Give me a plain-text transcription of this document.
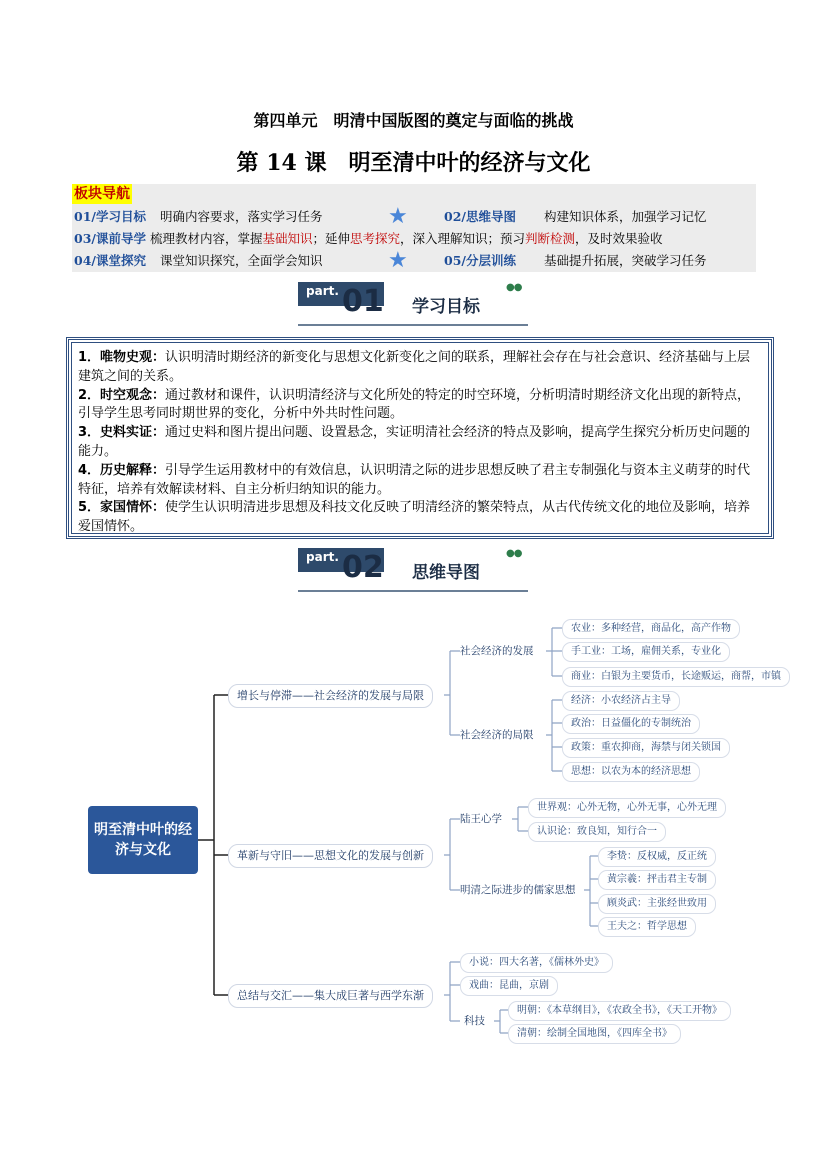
第四单元　明清中国版图的奠定与面临的挑战
第 14 课　明至清中叶的经济与文化
板块导航
01/学习目标 明确内容要求，落实学习任务	★	02/思维导图 构建知识体系，加强学习记忆
03/课前导学 梳理教材内容，掌握基础知识；延伸思考探究，深入理解知识；预习判断检测，及时效果验收
04/课堂探究 课堂知识探究，全面学会知识	★	05/分层训练 基础提升拓展，突破学习任务
part. 01 学习目标
●●
1．唯物史观：认识明清时期经济的新变化与思想文化新变化之间的联系，理解社会存在与社会意识、经济基础与上层建筑之间的关系。
2．时空观念：通过教材和课件，认识明清经济与文化所处的特定的时空环境，分析明清时期经济文化出现的新特点，引导学生思考同时期世界的变化，分析中外共时性问题。
3．史料实证：通过史料和图片提出问题、设置悬念，实证明清社会经济的特点及影响，提高学生探究分析历史问题的能力。
4．历史解释：引导学生运用教材中的有效信息，认识明清之际的进步思想反映了君主专制强化与资本主义萌芽的时代特征，培养有效解读材料、自主分析归纳知识的能力。
5．家国情怀：使学生认识明清进步思想及科技文化反映了明清经济的繁荣特点，从古代传统文化的地位及影响，培养爱国情怀。
part. 02 思维导图
●●
明至清中叶的经济与文化
增长与停滞——社会经济的发展与局限
社会经济的发展
农业：多种经营，商品化，高产作物
手工业：工场，雇佣关系，专业化
商业：白银为主要货币，长途贩运，商帮，市镇
社会经济的局限
经济：小农经济占主导
政治：日益僵化的专制统治
政策：重农抑商，海禁与闭关锁国
思想：以农为本的经济思想
革新与守旧——思想文化的发展与创新
陆王心学
世界观：心外无物，心外无事，心外无理
认识论：致良知，知行合一
明清之际进步的儒家思想
李贽：反权威，反正统
黄宗羲：抨击君主专制
顾炎武：主张经世致用
王夫之：哲学思想
总结与交汇——集大成巨著与西学东渐
小说：四大名著，《儒林外史》
戏曲：昆曲，京剧
科技
明朝：《本草纲目》，《农政全书》，《天工开物》
清朝：绘制全国地图，《四库全书》
